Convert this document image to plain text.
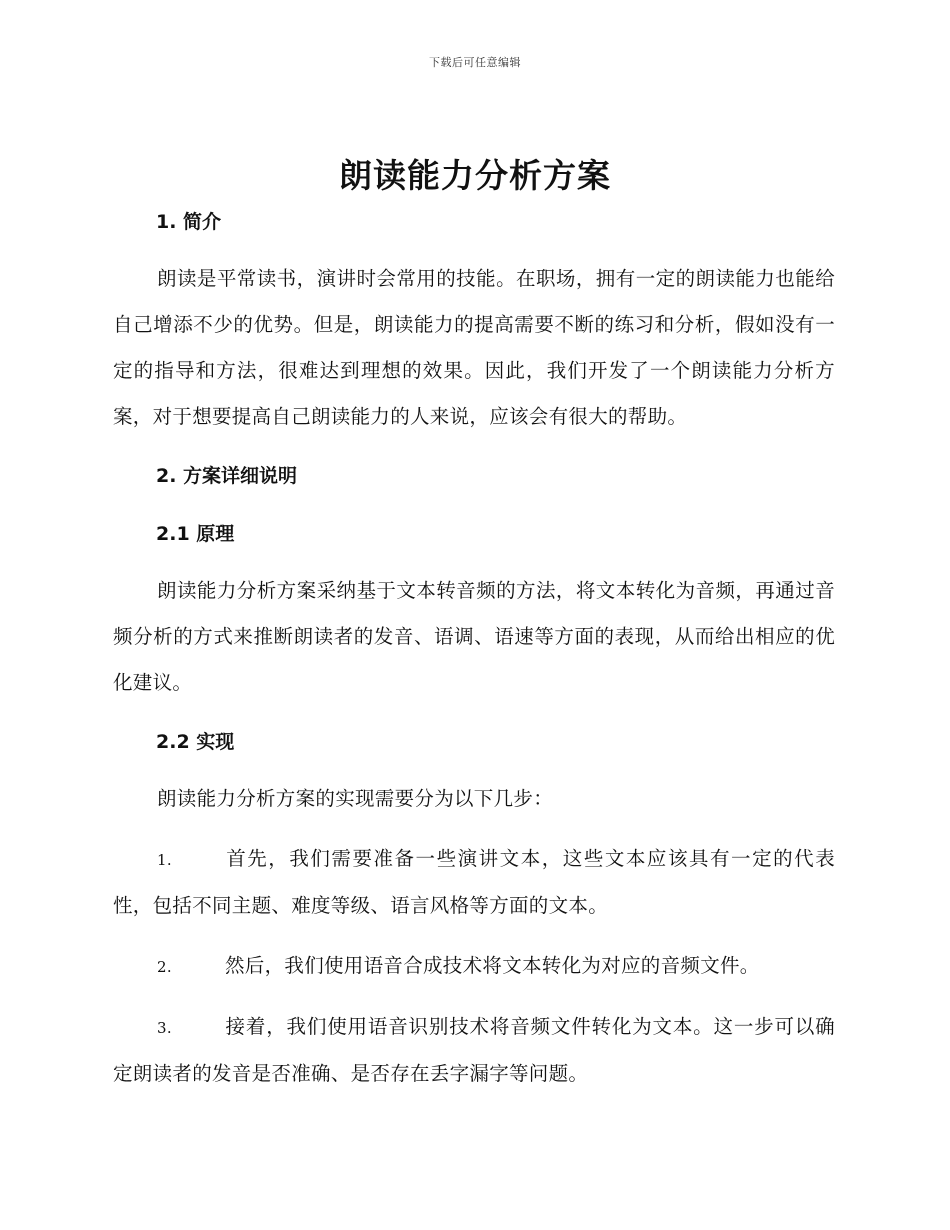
下载后可任意编辑
朗读能力分析方案
1. 简介

朗读是平常读书，演讲时会常用的技能。在职场，拥有一定的朗读能力也能给自己增添不少的优势。但是，朗读能力的提高需要不断的练习和分析，假如没有一定的指导和方法，很难达到理想的效果。因此，我们开发了一个朗读能力分析方案，对于想要提高自己朗读能力的人来说，应该会有很大的帮助。

2. 方案详细说明
2.1 原理

朗读能力分析方案采纳基于文本转音频的方法，将文本转化为音频，再通过音频分析的方式来推断朗读者的发音、语调、语速等方面的表现，从而给出相应的优化建议。

2.2 实现

朗读能力分析方案的实现需要分为以下几步：

1.	首先，我们需要准备一些演讲文本，这些文本应该具有一定的代表性，包括不同主题、难度等级、语言风格等方面的文本。

2.	然后，我们使用语音合成技术将文本转化为对应的音频文件。

3.	接着，我们使用语音识别技术将音频文件转化为文本。这一步可以确定朗读者的发音是否准确、是否存在丢字漏字等问题。
